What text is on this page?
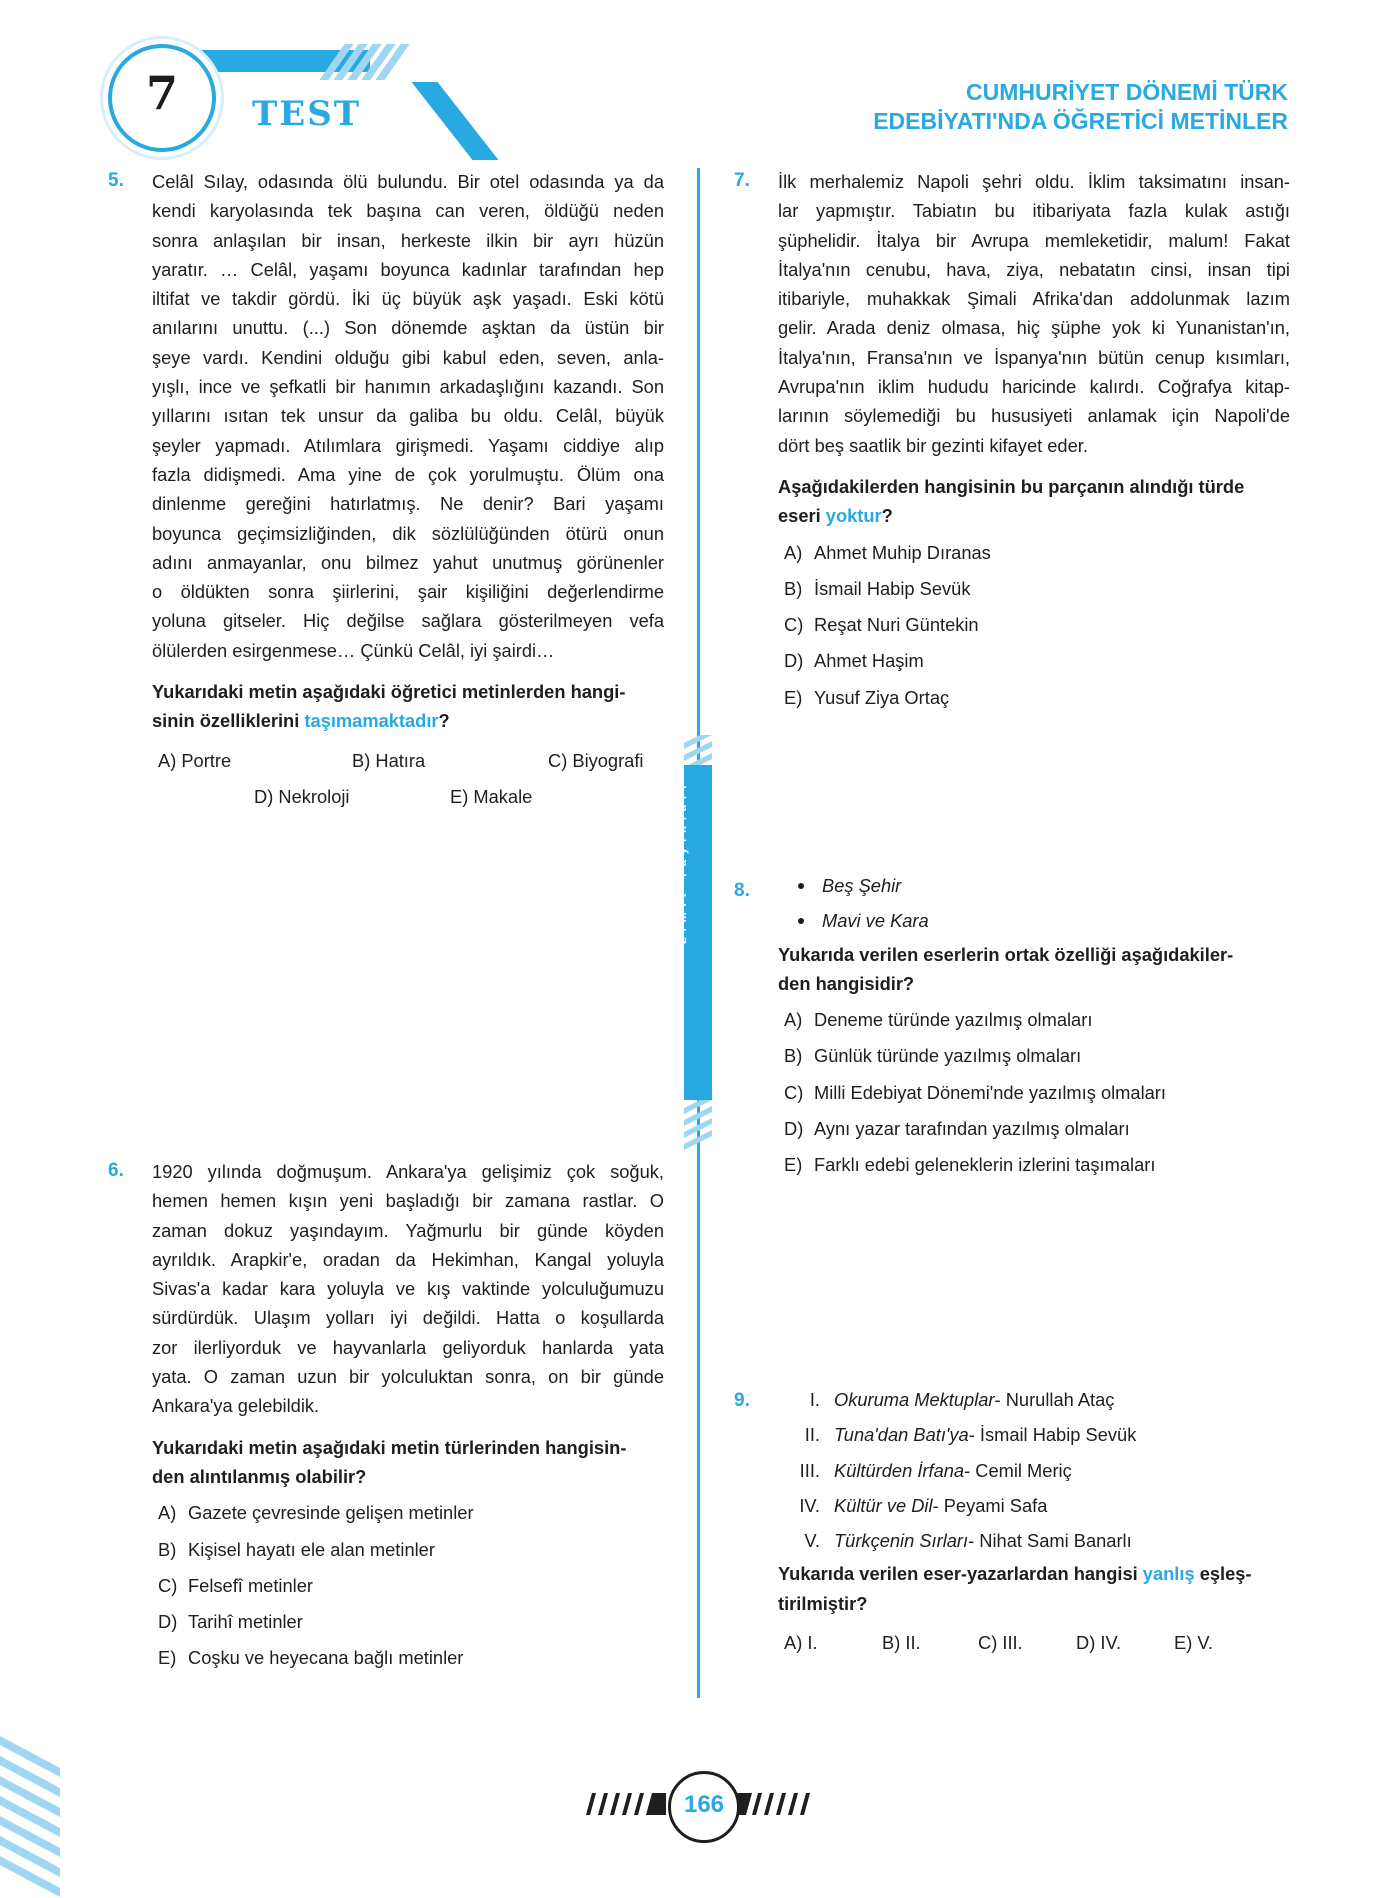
7	TEST
CUMHURİYET DÖNEMİ TÜRK
EDEBİYATI'NDA ÖĞRETİCİ METİNLER
5. Celâl Sılay, odasında ölü bulundu. Bir otel odasında ya da
kendi karyolasında tek başına can veren, öldüğü neden
sonra anlaşılan bir insan, herkeste ilkin bir ayrı hüzün
yaratır. … Celâl, yaşamı boyunca kadınlar tarafından hep
iltifat ve takdir gördü. İki üç büyük aşk yaşadı. Eski kötü
anılarını unuttu. (...) Son dönemde aşktan da üstün bir
şeye vardı. Kendini olduğu gibi kabul eden, seven, anla-
yışlı, ince ve şefkatli bir hanımın arkadaşlığını kazandı. Son
yıllarını ısıtan tek unsur da galiba bu oldu. Celâl, büyük
şeyler yapmadı. Atılımlara girişmedi. Yaşamı ciddiye alıp
fazla didişmedi. Ama yine de çok yorulmuştu. Ölüm ona
dinlenme gereğini hatırlatmış. Ne denir? Bari yaşamı
boyunca geçimsizliğinden, dik sözlülüğünden ötürü onun
adını anmayanlar, onu bilmez yahut unutmuş görünenler
o öldükten sonra şiirlerini, şair kişiliğini değerlendirme
yoluna gitseler. Hiç değilse sağlara gösterilmeyen vefa
ölülerden esirgenmese… Çünkü Celâl, iyi şairdi…
Yukarıdaki metin aşağıdaki öğretici metinlerden hangi-
sinin özelliklerini taşımamaktadır?
A) Portre	B) Hatıra	C) Biyografi
D) Nekroloji	E) Makale
6. 1920 yılında doğmuşum. Ankara'ya gelişimiz çok soğuk,
hemen hemen kışın yeni başladığı bir zamana rastlar. O
zaman dokuz yaşındayım. Yağmurlu bir günde köyden
ayrıldık. Arapkir'e, oradan da Hekimhan, Kangal yoluyla
Sivas'a kadar kara yoluyla ve kış vaktinde yolculuğumuzu
sürdürdük. Ulaşım yolları iyi değildi. Hatta o koşullarda
zor ilerliyorduk ve hayvanlarla geliyorduk hanlarda yata
yata. O zaman uzun bir yolculuktan sonra, on bir günde
Ankara'ya gelebildik.
Yukarıdaki metin aşağıdaki metin türlerinden hangisin-
den alıntılanmış olabilir?
A) Gazete çevresinde gelişen metinler
B) Kişisel hayatı ele alan metinler
C) Felsefî metinler
D) Tarihî metinler
E) Coşku ve heyecana bağlı metinler
Limit Yayınları
7. İlk merhalemiz Napoli şehri oldu. İklim taksimatını insan-
lar yapmıştır. Tabiatın bu itibariyata fazla kulak astığı
şüphelidir. İtalya bir Avrupa memleketidir, malum! Fakat
İtalya'nın cenubu, hava, ziya, nebatatın cinsi, insan tipi
itibariyle, muhakkak Şimali Afrika'dan addolunmak lazım
gelir. Arada deniz olmasa, hiç şüphe yok ki Yunanistan'ın,
İtalya'nın, Fransa'nın ve İspanya'nın bütün cenup kısımları,
Avrupa'nın iklim hududu haricinde kalırdı. Coğrafya kitap-
larının söylemediği bu hususiyeti anlamak için Napoli'de
dört beş saatlik bir gezinti kifayet eder.
Aşağıdakilerden hangisinin bu parçanın alındığı türde
eseri yoktur?
A) Ahmet Muhip Dıranas
B) İsmail Habip Sevük
C) Reşat Nuri Güntekin
D) Ahmet Haşim
E) Yusuf Ziya Ortaç
8.	Beş Şehir
Mavi ve Kara
Yukarıda verilen eserlerin ortak özelliği aşağıdakiler-
den hangisidir?
A) Deneme türünde yazılmış olmaları
B) Günlük türünde yazılmış olmaları
C) Milli Edebiyat Dönemi'nde yazılmış olmaları
D) Aynı yazar tarafından yazılmış olmaları
E) Farklı edebi geleneklerin izlerini taşımaları
9.	I. Okuruma Mektuplar - Nurullah Ataç
II. Tuna'dan Batı'ya - İsmail Habip Sevük
III. Kültürden İrfana - Cemil Meriç
IV. Kültür ve Dil - Peyami Safa
V. Türkçenin Sırları - Nihat Sami Banarlı
Yukarıda verilen eser-yazarlardan hangisi yanlış eşleş-
tirilmiştir?
A) I.	B) II.	C) III.	D) IV.	E) V.
166
